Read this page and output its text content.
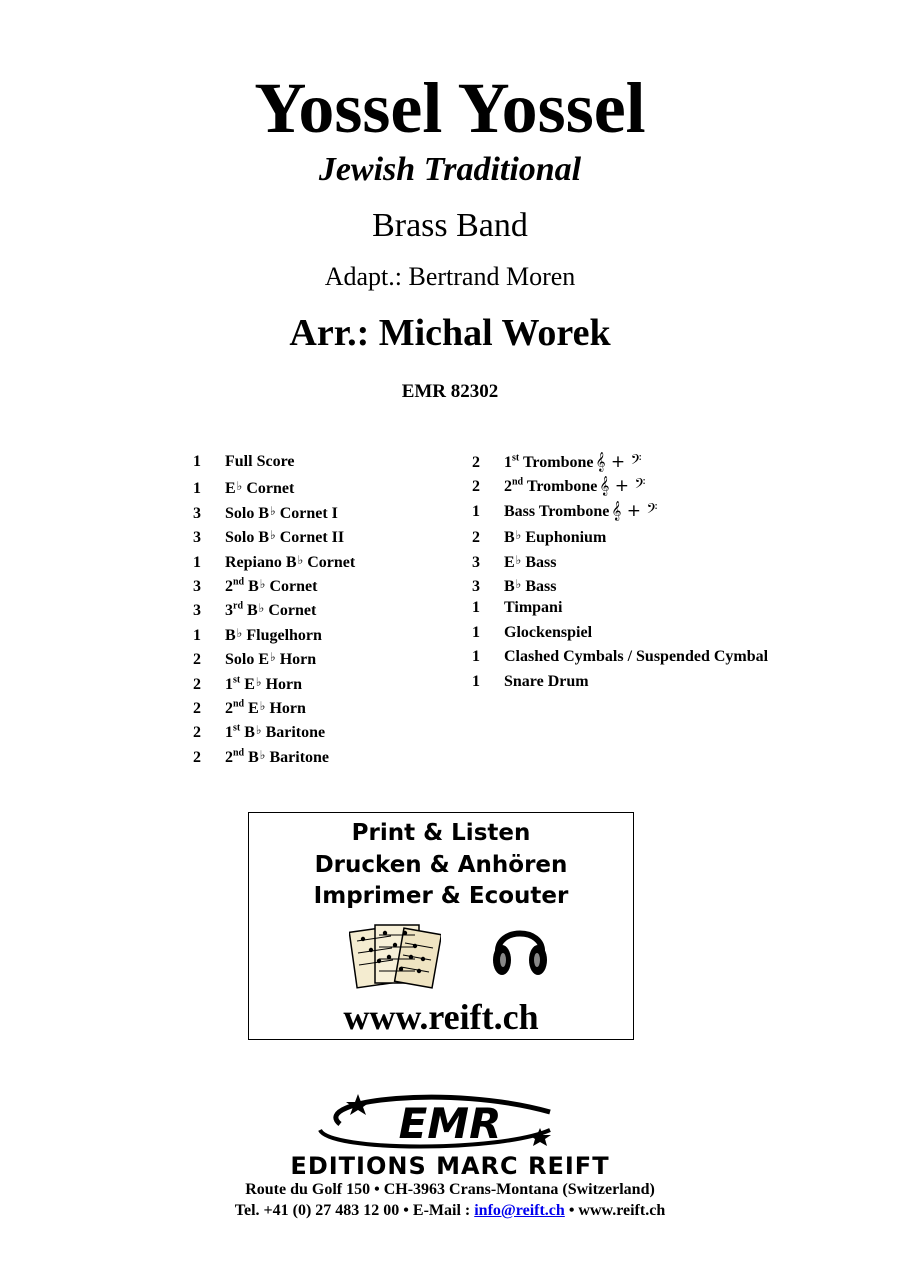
Yossel Yossel
Jewish Traditional
Brass Band
Adapt.: Bertrand Moren
Arr.: Michal Worek
EMR 82302
1 Full Score
1 E♭ Cornet
3 Solo B♭ Cornet I
3 Solo B♭ Cornet II
1 Repiano B♭ Cornet
3 2nd B♭ Cornet
3 3rd B♭ Cornet
1 B♭ Flugelhorn
2 Solo E♭ Horn
2 1st E♭ Horn
2 2nd E♭ Horn
2 1st B♭ Baritone
2 2nd B♭ Baritone
2 1st Trombone 𝄞 + 𝄢
2 2nd Trombone 𝄞 + 𝄢
1 Bass Trombone 𝄞 + 𝄢
2 B♭ Euphonium
3 E♭ Bass
3 B♭ Bass
1 Timpani
1 Glockenspiel
1 Clashed Cymbals / Suspended Cymbal
1 Snare Drum
Print & Listen
Drucken & Anhören
Imprimer & Ecouter
www.reift.ch
EMR
EDITIONS MARC REIFT
Route du Golf 150 • CH-3963 Crans-Montana (Switzerland)
Tel. +41 (0) 27 483 12 00 • E-Mail : info@reift.ch • www.reift.ch
